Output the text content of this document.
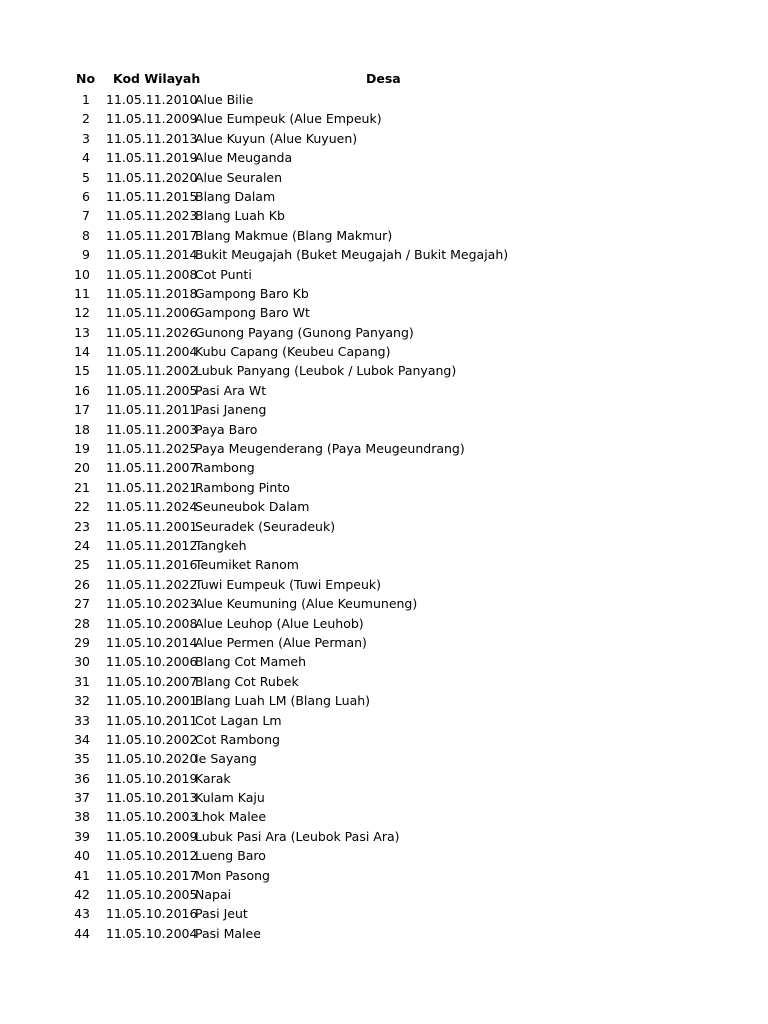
No Kod Wilayah	Desa
1 11.05.11.2010
Alue Bilie
2 11.05.11.2009
Alue Eumpeuk (Alue Empeuk)
3 11.05.11.2013
Alue Kuyun (Alue Kuyuen)
4 11.05.11.2019
Alue Meuganda
5 11.05.11.2020
Alue Seuralen
6 11.05.11.2015
Blang Dalam
7 11.05.11.2023
Blang Luah Kb
8 11.05.11.2017
Blang Makmue (Blang Makmur)
9 11.05.11.2014
Bukit Meugajah (Buket Meugajah / Bukit Megajah)
10 11.05.11.2008
Cot Punti
11 11.05.11.2018
Gampong Baro Kb
12 11.05.11.2006
Gampong Baro Wt
13 11.05.11.2026
Gunong Payang (Gunong Panyang)
14 11.05.11.2004
Kubu Capang (Keubeu Capang)
15 11.05.11.2002
Lubuk Panyang (Leubok / Lubok Panyang)
16 11.05.11.2005
Pasi Ara Wt
17 11.05.11.2011
Pasi Janeng
18 11.05.11.2003
Paya Baro
19 11.05.11.2025
Paya Meugenderang (Paya Meugeundrang)
20 11.05.11.2007
Rambong
21 11.05.11.2021
Rambong Pinto
22 11.05.11.2024
Seuneubok Dalam
23 11.05.11.2001
Seuradek (Seuradeuk)
24 11.05.11.2012
Tangkeh
25 11.05.11.2016
Teumiket Ranom
26 11.05.11.2022
Tuwi Eumpeuk (Tuwi Empeuk)
27 11.05.10.2023
Alue Keumuning (Alue Keumuneng)
28 11.05.10.2008
Alue Leuhop (Alue Leuhob)
29 11.05.10.2014
Alue Permen (Alue Perman)
30 11.05.10.2006
Blang Cot Mameh
31 11.05.10.2007
Blang Cot Rubek
32 11.05.10.2001
Blang Luah LM (Blang Luah)
33 11.05.10.2011
Cot Lagan Lm
34 11.05.10.2002
Cot Rambong
35 11.05.10.2020
Ie Sayang
36 11.05.10.2019
Karak
37 11.05.10.2013
Kulam Kaju
38 11.05.10.2003
Lhok Malee
39 11.05.10.2009
Lubuk Pasi Ara (Leubok Pasi Ara)
40 11.05.10.2012
Lueng Baro
41 11.05.10.2017
Mon Pasong
42 11.05.10.2005
Napai
43 11.05.10.2016
Pasi Jeut
44 11.05.10.2004
Pasi Malee
